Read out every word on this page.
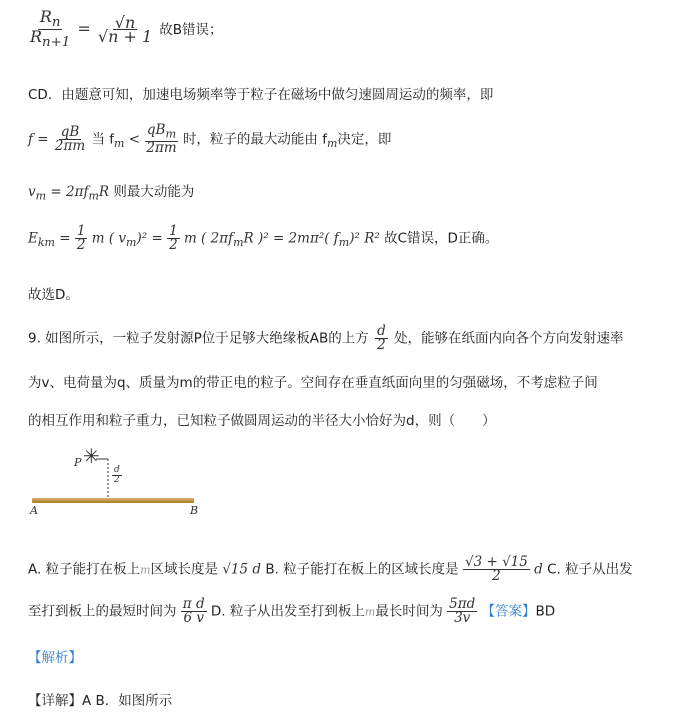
$\frac{R_n}{R_{n+1}} = \frac{√n}{√n + 1}$ 故B错误；
CD．由题意可知，加速电场频率等于粒子在磁场中做匀速圆周运动的频率，即
$f = \frac{qB}{2\pi m}$ 当 $f_m < \frac{qB_m}{2\pi m}$ 时，粒子的最大动能由 $f_m$决定，即
$v_m = 2\pi f_mR$ 则最大动能为
$E_{km} = \frac{1}{2}$ m ( $v_m)^2 = \frac{1}{2}$ m ( $2\pi f_mR$ )² = 2mπ²( $f_m)^2$ R² 故C错误，D正确。
故选D。
9. 如图所示，一粒子发射源P位于足够大绝缘板AB的上方 $\frac{d}{2}$ 处，能够在纸面内向各个方向发射速率
为v、电荷量为q、质量为m的带正电的粒子。空间存在垂直纸面向里的匀强磁场，不考虑粒子间
的相互作用和粒子重力，已知粒子做圆周运动的半径大小恰好为d，则（　　）
P ✳
$\frac{d}{2}$
A	B
A. 粒子能打在板上m区域长度是 √15 d B. 粒子能打在板上的区域长度是 $\frac{√3 + √15}{2}$ d C. 粒子从出发
至打到板上的最短时间为 $\frac{\text{π d}}{6 v} D$. 粒子从出发至打到板上m最长时间为 $\frac{5\pi d}{3v}$ 【答案】BD
【解析】
【详解】A B．如图所示
